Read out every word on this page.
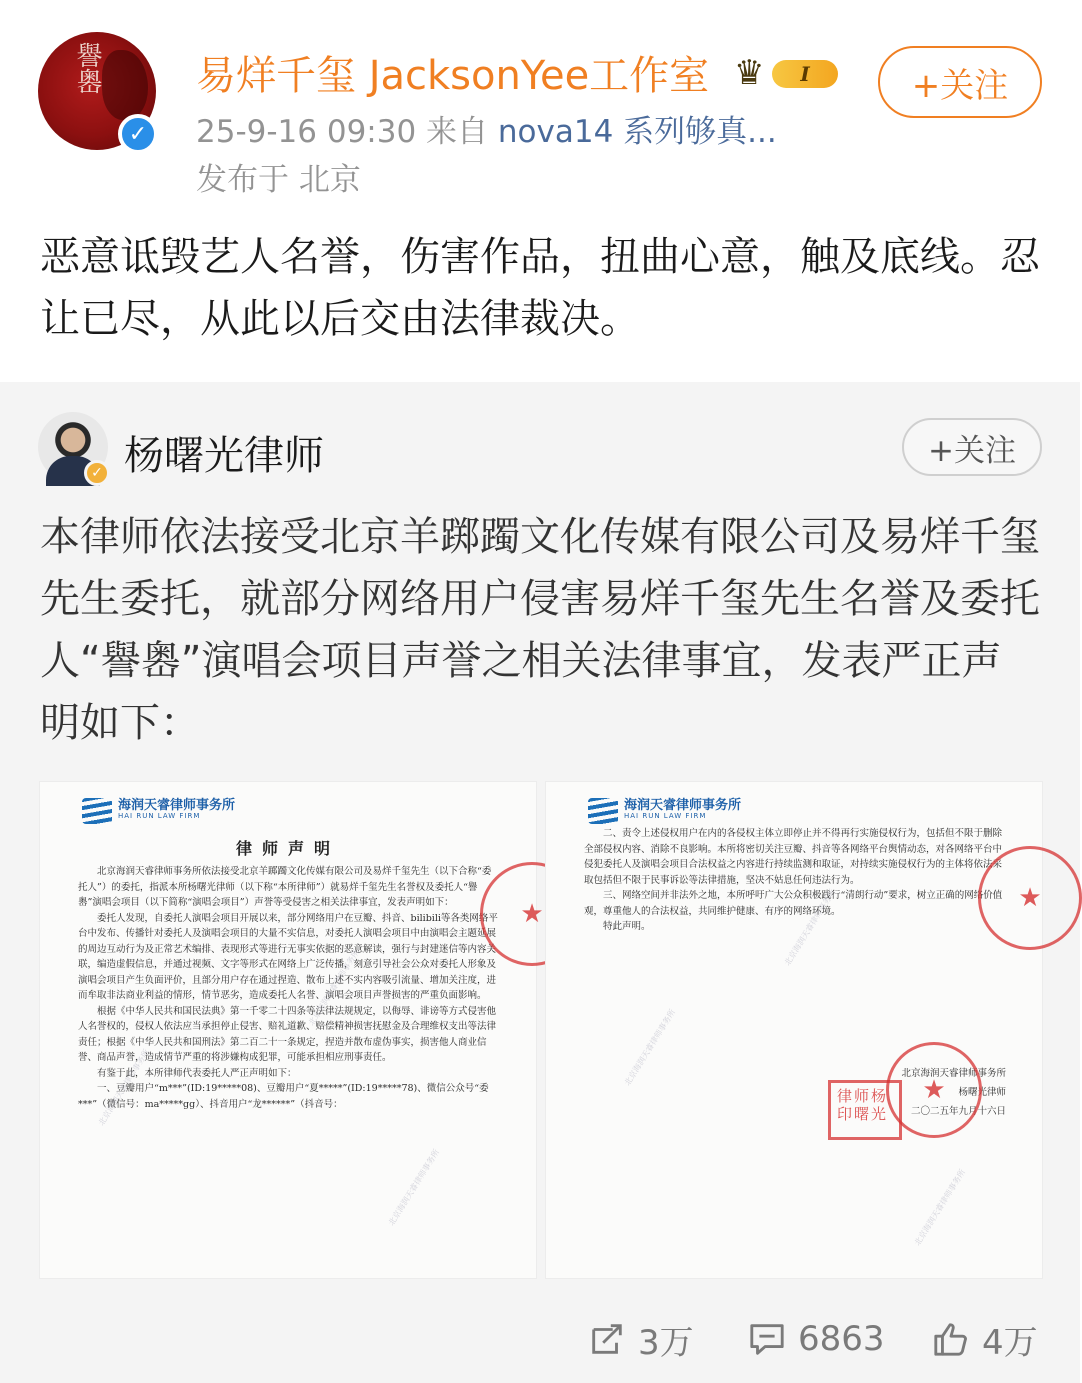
譽嶴
✓
易烊千玺 JacksonYee工作室 ♛	I	+关注
25-9-16 09:30 来自 nova14 系列够真...
发布于 北京
恶意诋毁艺人名誉，伤害作品，扭曲心意，触及底线。忍让已尽，从此以后交由法律裁决。
✓ 杨曙光律师	+关注
本律师依法接受北京羊踯躅文化传媒有限公司及易烊千玺先生委托，就部分网络用户侵害易烊千玺先生名誉及委托人“譽嶴”演唱会项目声誉之相关法律事宜，发表严正声明如下：
海润天睿律师事务所
HAI RUN LAW FIRM
律师声明

北京海润天睿律师事务所依法接受北京羊踯躅文化传媒有限公司及易烊千玺先生（以下合称“委托人”）的委托，指派本所杨曙光律师（以下称“本所律师”）就易烊千玺先生名誉权及委托人“譽嶴”演唱会项目（以下简称“演唱会项目”）声誉等受侵害之相关法律事宜，发表声明如下：

委托人发现，自委托人演唱会项目开展以来，部分网络用户在豆瓣、抖音、bilibili等各类网络平台中发布、传播针对委托人及演唱会项目的大量不实信息，对委托人演唱会项目中由演唱会主题延展的周边互动行为及正常艺术编排、表现形式等进行无事实依据的恶意解读，强行与封建迷信等内容关联，编造虚假信息，并通过视频、文字等形式在网络上广泛传播，刻意引导社会公众对委托人形象及演唱会项目产生负面评价，且部分用户存在通过捏造、散布上述不实内容吸引流量、增加关注度，进而牟取非法商业利益的情形，情节恶劣，造成委托人名誉、演唱会项目声誉损害的严重负面影响。

根据《中华人民共和国民法典》第一千零二十四条等法律法规规定，以侮辱、诽谤等方式侵害他人名誉权的，侵权人依法应当承担停止侵害、赔礼道歉、赔偿精神损害抚慰金及合理维权支出等法律责任；根据《中华人民共和国刑法》第二百二十一条规定，捏造并散布虚伪事实，损害他人商业信誉、商品声誉，造成情节严重的将涉嫌构成犯罪，可能承担相应刑事责任。

有鉴于此，本所律师代表委托人严正声明如下：

一、豆瓣用户“m***”(ID:19*****08)、豆瓣用户“夏*****”(ID:19*****78)、微信公众号“委***”（微信号：ma*****gg）、抖音用户“龙******”（抖音号：

★
北京海润天睿律师事务所
北京海润天睿律师事务所
北京海润天睿律师事务所
海润天睿律师事务所
HAI RUN LAW FIRM

二、责令上述侵权用户在内的各侵权主体立即停止并不得再行实施侵权行为，包括但不限于删除全部侵权内容、消除不良影响。本所将密切关注豆瓣、抖音等各网络平台舆情动态，对各网络平台中侵犯委托人及演唱会项目合法权益之内容进行持续监测和取证，对持续实施侵权行为的主体将依法采取包括但不限于民事诉讼等法律措施，坚决不姑息任何违法行为。

三、网络空间并非法外之地，本所呼吁广大公众积极践行“清朗行动”要求，树立正确的网络价值观，尊重他人的合法权益，共同维护健康、有序的网络环境。

特此声明。

北京海润天睿律师事务所
杨曙光律师
二〇二五年九月十六日
★
★
律师杨
印曙光
北京海润天睿律师事务所
北京海润天睿律师事务所
北京海润天睿律师事务所
3万	6863	4万
